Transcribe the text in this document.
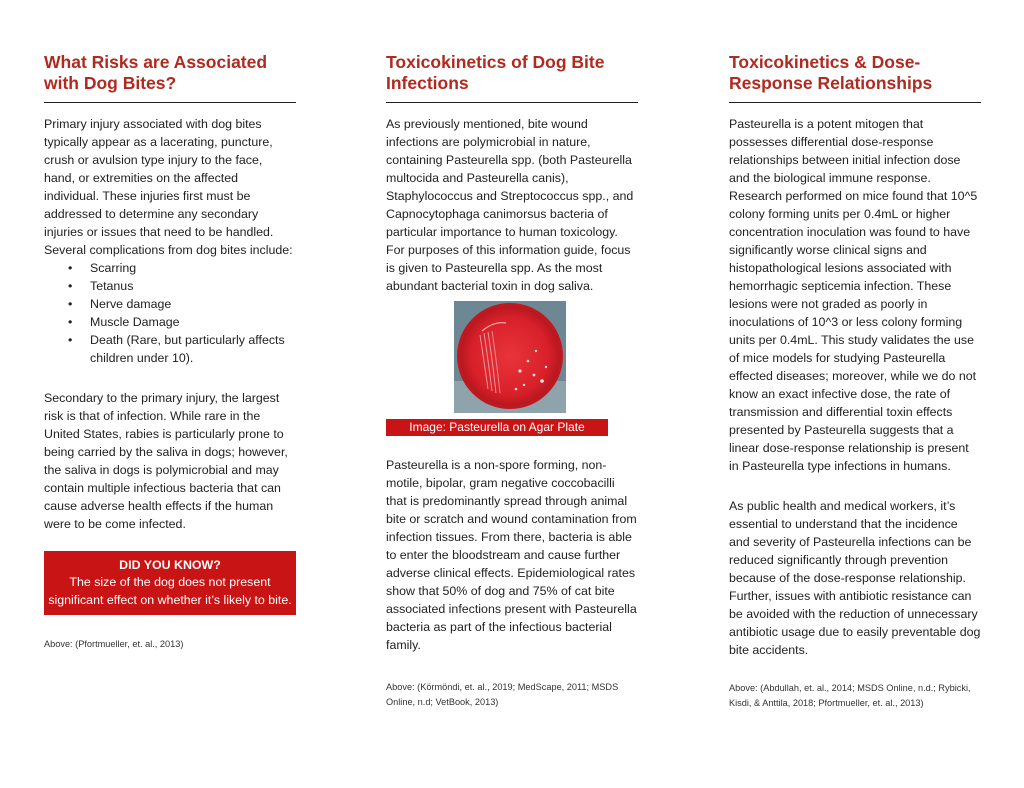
What Risks are Associated with Dog Bites?

Primary injury associated with dog bites typically appear as a lacerating, puncture, crush or avulsion type injury to the face, hand, or extremities on the affected individual. These injuries first must be addressed to determine any secondary injuries or issues that need to be handled. Several complications from dog bites include:

• Scarring
• Tetanus
• Nerve damage
• Muscle Damage
• Death (Rare, but particularly affects children under 10).

Secondary to the primary injury, the largest risk is that of infection. While rare in the United States, rabies is particularly prone to being carried by the saliva in dogs; however, the saliva in dogs is polymicrobial and may contain multiple infectious bacteria that can cause adverse health effects if the human were to be come infected.

DID YOU KNOW?
The size of the dog does not present significant effect on whether it’s likely to bite.

Above: (Pfortmueller, et. al., 2013)

Toxicokinetics of Dog Bite Infections

As previously mentioned, bite wound infections are polymicrobial in nature, containing Pasteurella spp. (both Pasteurella multocida and Pasteurella canis), Staphylococcus and Streptococcus spp., and Capnocytophaga canimorsus bacteria of particular importance to human toxicology. For purposes of this information guide, focus is given to Pasteurella spp. As the most abundant bacterial toxin in dog saliva.

Image: Pasteurella on Agar Plate

Pasteurella is a non-spore forming, non-motile, bipolar, gram negative coccobacilli that is predominantly spread through animal bite or scratch and wound contamination from infection tissues. From there, bacteria is able to enter the bloodstream and cause further adverse clinical effects. Epidemiological rates show that 50% of dog and 75% of cat bite associated infections present with Pasteurella bacteria as part of the infectious bacterial family.

Above: (Körmöndi, et. al., 2019; MedScape, 2011; MSDS Online, n.d; VetBook, 2013)

Toxicokinetics & Dose-Response Relationships

Pasteurella is a potent mitogen that possesses differential dose-response relationships between initial infection dose and the biological immune response. Research performed on mice found that 10^5 colony forming units per 0.4mL or higher concentration inoculation was found to have significantly worse clinical signs and histopathological lesions associated with hemorrhagic septicemia infection. These lesions were not graded as poorly in inoculations of 10^3 or less colony forming units per 0.4mL. This study validates the use of mice models for studying Pasteurella effected diseases; moreover, while we do not know an exact infective dose, the rate of transmission and differential toxin effects presented by Pasteurella suggests that a linear dose-response relationship is present in Pasteurella type infections in humans.

As public health and medical workers, it’s essential to understand that the incidence and severity of Pasteurella infections can be reduced significantly through prevention because of the dose-response relationship. Further, issues with antibiotic resistance can be avoided with the reduction of unnecessary antibiotic usage due to easily preventable dog bite accidents.

Above: (Abdullah, et. al., 2014; MSDS Online, n.d.; Rybicki, Kisdi, & Anttila, 2018; Pfortmueller, et. al., 2013)
